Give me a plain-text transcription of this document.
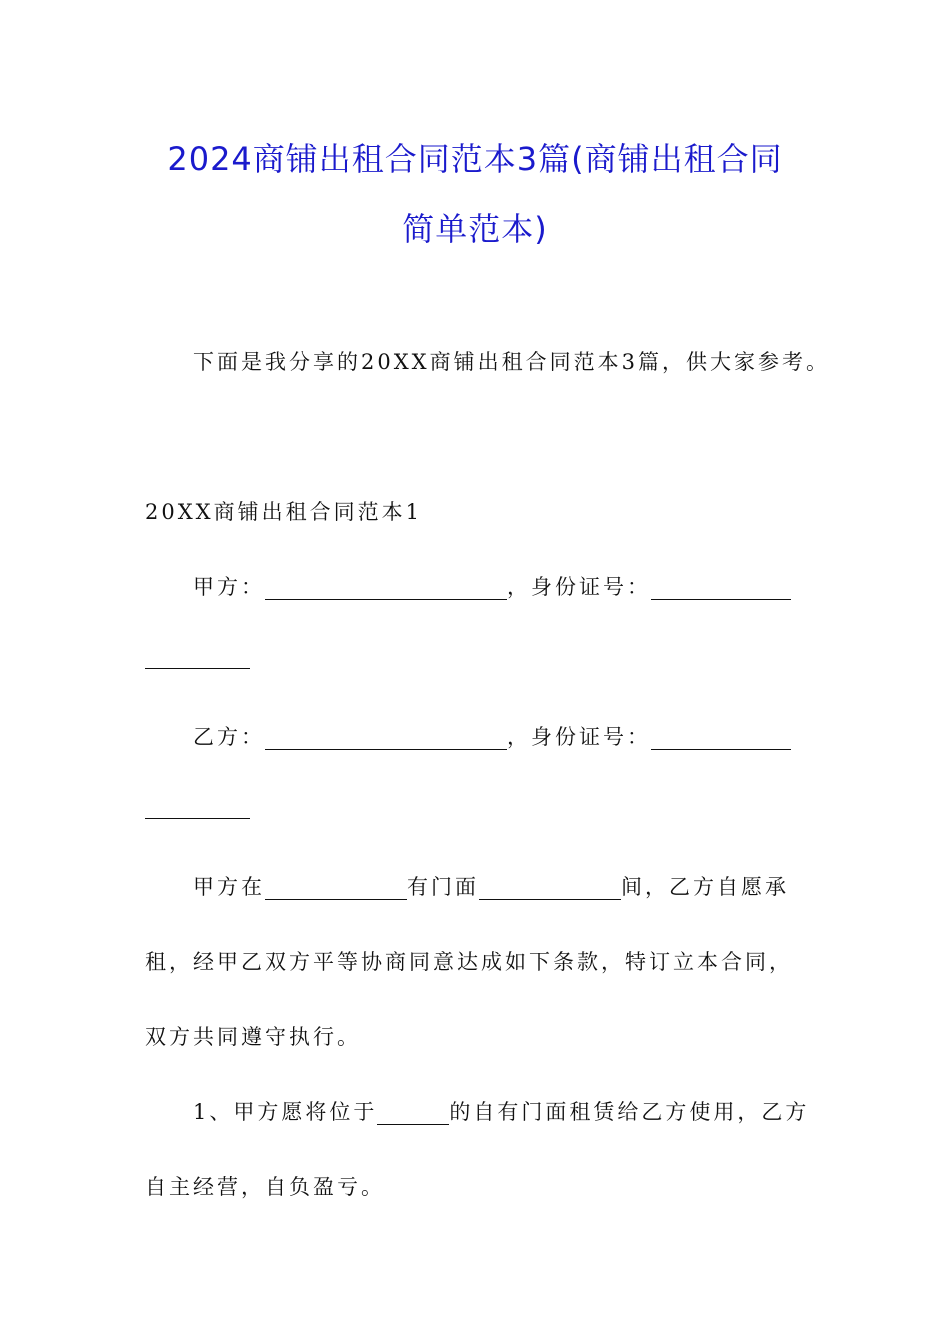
2024商铺出租合同范本3篇(商铺出租合同
简单范本)

下面是我分享的20XX商铺出租合同范本3篇，供大家参考。

20XX商铺出租合同范本1

甲方：	，身份证号：

乙方：	，身份证号：

甲方在	有门面	间，乙方自愿承

租，经甲乙双方平等协商同意达成如下条款，特订立本合同，

双方共同遵守执行。

1、甲方愿将位于	的自有门面租赁给乙方使用，乙方

自主经营，自负盈亏。
